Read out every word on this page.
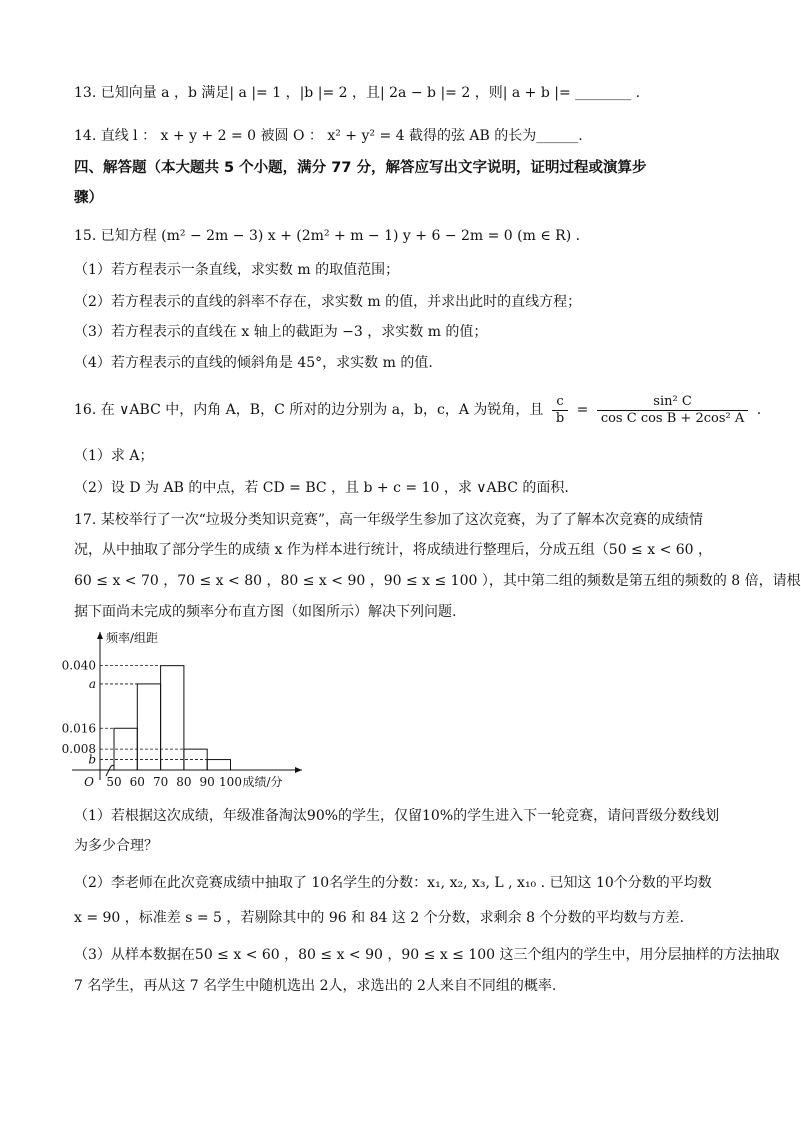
13. 已知向量 a ，b 满足| a |= 1 ，|b |= 2 ，且| 2a − b |= 2 ，则| a + b |= ________ .
14. 直线 l ： x + y + 2 = 0 被圆 O ： x² + y² = 4 截得的弦 AB 的长为______.
四、解答题（本大题共 5 个小题，满分 77 分，解答应写出文字说明，证明过程或演算步
骤）
15. 已知方程 (m² − 2m − 3) x + (2m² + m − 1) y + 6 − 2m = 0 (m ∈ R) .
（1）若方程表示一条直线，求实数 m 的取值范围；
（2）若方程表示的直线的斜率不存在，求实数 m 的值，并求出此时的直线方程；
（3）若方程表示的直线在 x 轴上的截距为 −3 ，求实数 m 的值；
（4）若方程表示的直线的倾斜角是 45°，求实数 m 的值.
16. 在 ∨ABC 中，内角 A，B，C 所对的边分别为 a，b，c，A 为锐角，且 $\frac{c}{b} = \frac{\text{sin² C}}{\text{cos C cos B + 2cos² A}}$ .
（1）求 A；
（2）设 D 为 AB 的中点，若 CD = BC ，且 b + c = 10 ，求 ∨ABC 的面积.
17. 某校举行了一次“垃圾分类知识竞赛”，高一年级学生参加了这次竞赛，为了了解本次竞赛的成绩情
况，从中抽取了部分学生的成绩 x 作为样本进行统计，将成绩进行整理后，分成五组（50 ≤ x < 60 ，
60 ≤ x < 70 ，70 ≤ x < 80 ，80 ≤ x < 90 ，90 ≤ x ≤ 100 ），其中第二组的频数是第五组的频数的 8 倍，请根
据下面尚未完成的频率分布直方图（如图所示）解决下列问题.
0.040
a
0.016
0.008
b
50 60 70 80 90 100
频率/组距
成绩/分
O
（1）若根据这次成绩，年级准备淘汰90%的学生，仅留10%的学生进入下一轮竞赛，请问晋级分数线划
为多少合理？
（2）李老师在此次竞赛成绩中抽取了 10名学生的分数：x₁, x₂, x₃, L , x₁₀ . 已知这 10个分数的平均数
x = 90 ，标准差 s = 5 ，若剔除其中的 96 和 84 这 2 个分数，求剩余 8 个分数的平均数与方差.
（3）从样本数据在50 ≤ x < 60 ，80 ≤ x < 90 ，90 ≤ x ≤ 100 这三个组内的学生中，用分层抽样的方法抽取
7 名学生，再从这 7 名学生中随机选出 2人，求选出的 2人来自不同组的概率.
